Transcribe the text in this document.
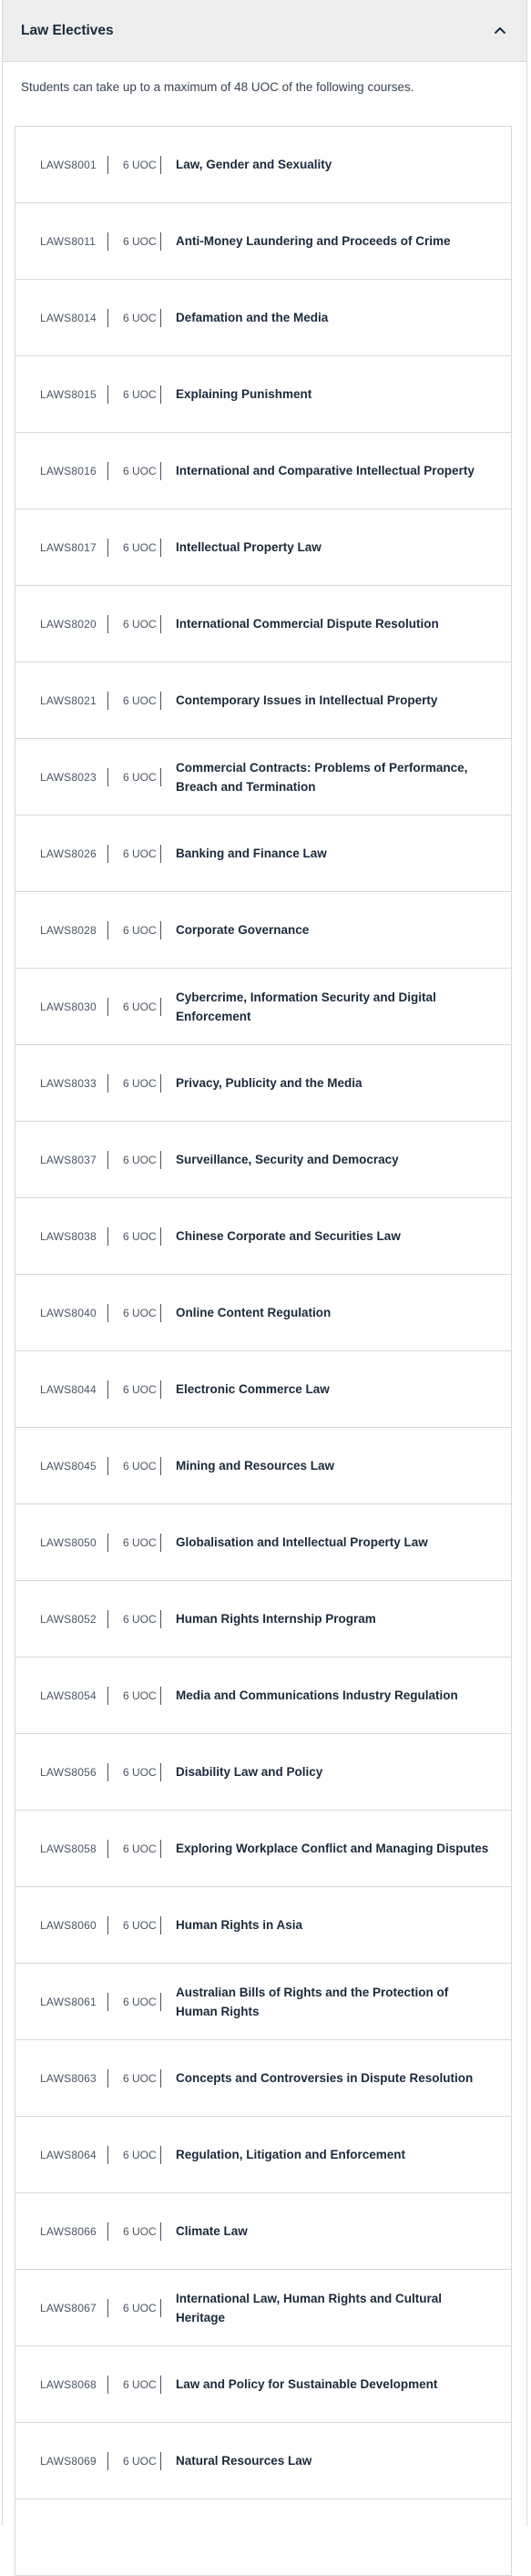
Law Electives
Students can take up to a maximum of 48 UOC of the following courses.
LAWS8001	6 UOC	Law, Gender and Sexuality
LAWS8011	6 UOC	Anti-Money Laundering and Proceeds of Crime
LAWS8014	6 UOC	Defamation and the Media
LAWS8015	6 UOC	Explaining Punishment
LAWS8016	6 UOC	International and Comparative Intellectual Property
LAWS8017	6 UOC	Intellectual Property Law
LAWS8020	6 UOC	International Commercial Dispute Resolution
LAWS8021	6 UOC	Contemporary Issues in Intellectual Property
LAWS8023	6 UOC
Commercial Contracts: Problems of Performance, Breach and Termination
LAWS8026	6 UOC	Banking and Finance Law
LAWS8028	6 UOC	Corporate Governance
LAWS8030	6 UOC
Cybercrime, Information Security and Digital Enforcement
LAWS8033	6 UOC	Privacy, Publicity and the Media
LAWS8037	6 UOC	Surveillance, Security and Democracy
LAWS8038	6 UOC	Chinese Corporate and Securities Law
LAWS8040	6 UOC	Online Content Regulation
LAWS8044	6 UOC	Electronic Commerce Law
LAWS8045	6 UOC	Mining and Resources Law
LAWS8050	6 UOC	Globalisation and Intellectual Property Law
LAWS8052	6 UOC	Human Rights Internship Program
LAWS8054	6 UOC	Media and Communications Industry Regulation
LAWS8056	6 UOC	Disability Law and Policy
LAWS8058	6 UOC	Exploring Workplace Conflict and Managing Disputes
LAWS8060	6 UOC	Human Rights in Asia
LAWS8061	6 UOC
Australian Bills of Rights and the Protection of Human Rights
LAWS8063	6 UOC	Concepts and Controversies in Dispute Resolution
LAWS8064	6 UOC	Regulation, Litigation and Enforcement
LAWS8066	6 UOC	Climate Law
LAWS8067	6 UOC
International Law, Human Rights and Cultural Heritage
LAWS8068	6 UOC	Law and Policy for Sustainable Development
LAWS8069	6 UOC	Natural Resources Law
